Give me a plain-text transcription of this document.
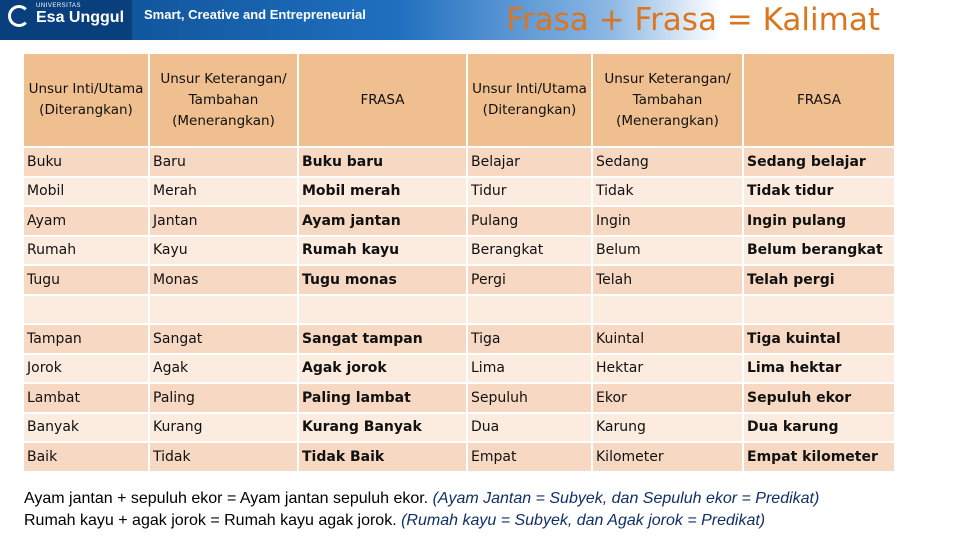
UNIVERSITAS
Esa Unggul Smart, Creative and Entrepreneurial	Frasa + Frasa = Kalimat
Unsur Inti/Utama (Diterangkan)	Unsur Keterangan/ Tambahan (Menerangkan)	FRASA	Unsur Inti/Utama (Diterangkan)	Unsur Keterangan/ Tambahan (Menerangkan)	FRASA
Buku	Baru	Buku baru	Belajar	Sedang	Sedang belajar
Mobil	Merah	Mobil merah	Tidur	Tidak	Tidak tidur
Ayam	Jantan	Ayam jantan	Pulang	Ingin	Ingin pulang
Rumah	Kayu	Rumah kayu	Berangkat	Belum	Belum berangkat
Tugu	Monas	Tugu monas	Pergi	Telah	Telah pergi

Tampan	Sangat	Sangat tampan	Tiga	Kuintal	Tiga kuintal
Jorok	Agak	Agak jorok	Lima	Hektar	Lima hektar
Lambat	Paling	Paling lambat	Sepuluh	Ekor	Sepuluh ekor
Banyak	Kurang	Kurang Banyak	Dua	Karung	Dua karung
Baik	Tidak	Tidak Baik	Empat	Kilometer	Empat kilometer
Ayam jantan + sepuluh ekor = Ayam jantan sepuluh ekor. (Ayam Jantan = Subyek, dan Sepuluh ekor = Predikat)
Rumah kayu + agak jorok = Rumah kayu agak jorok. (Rumah kayu = Subyek, dan Agak jorok = Predikat)
